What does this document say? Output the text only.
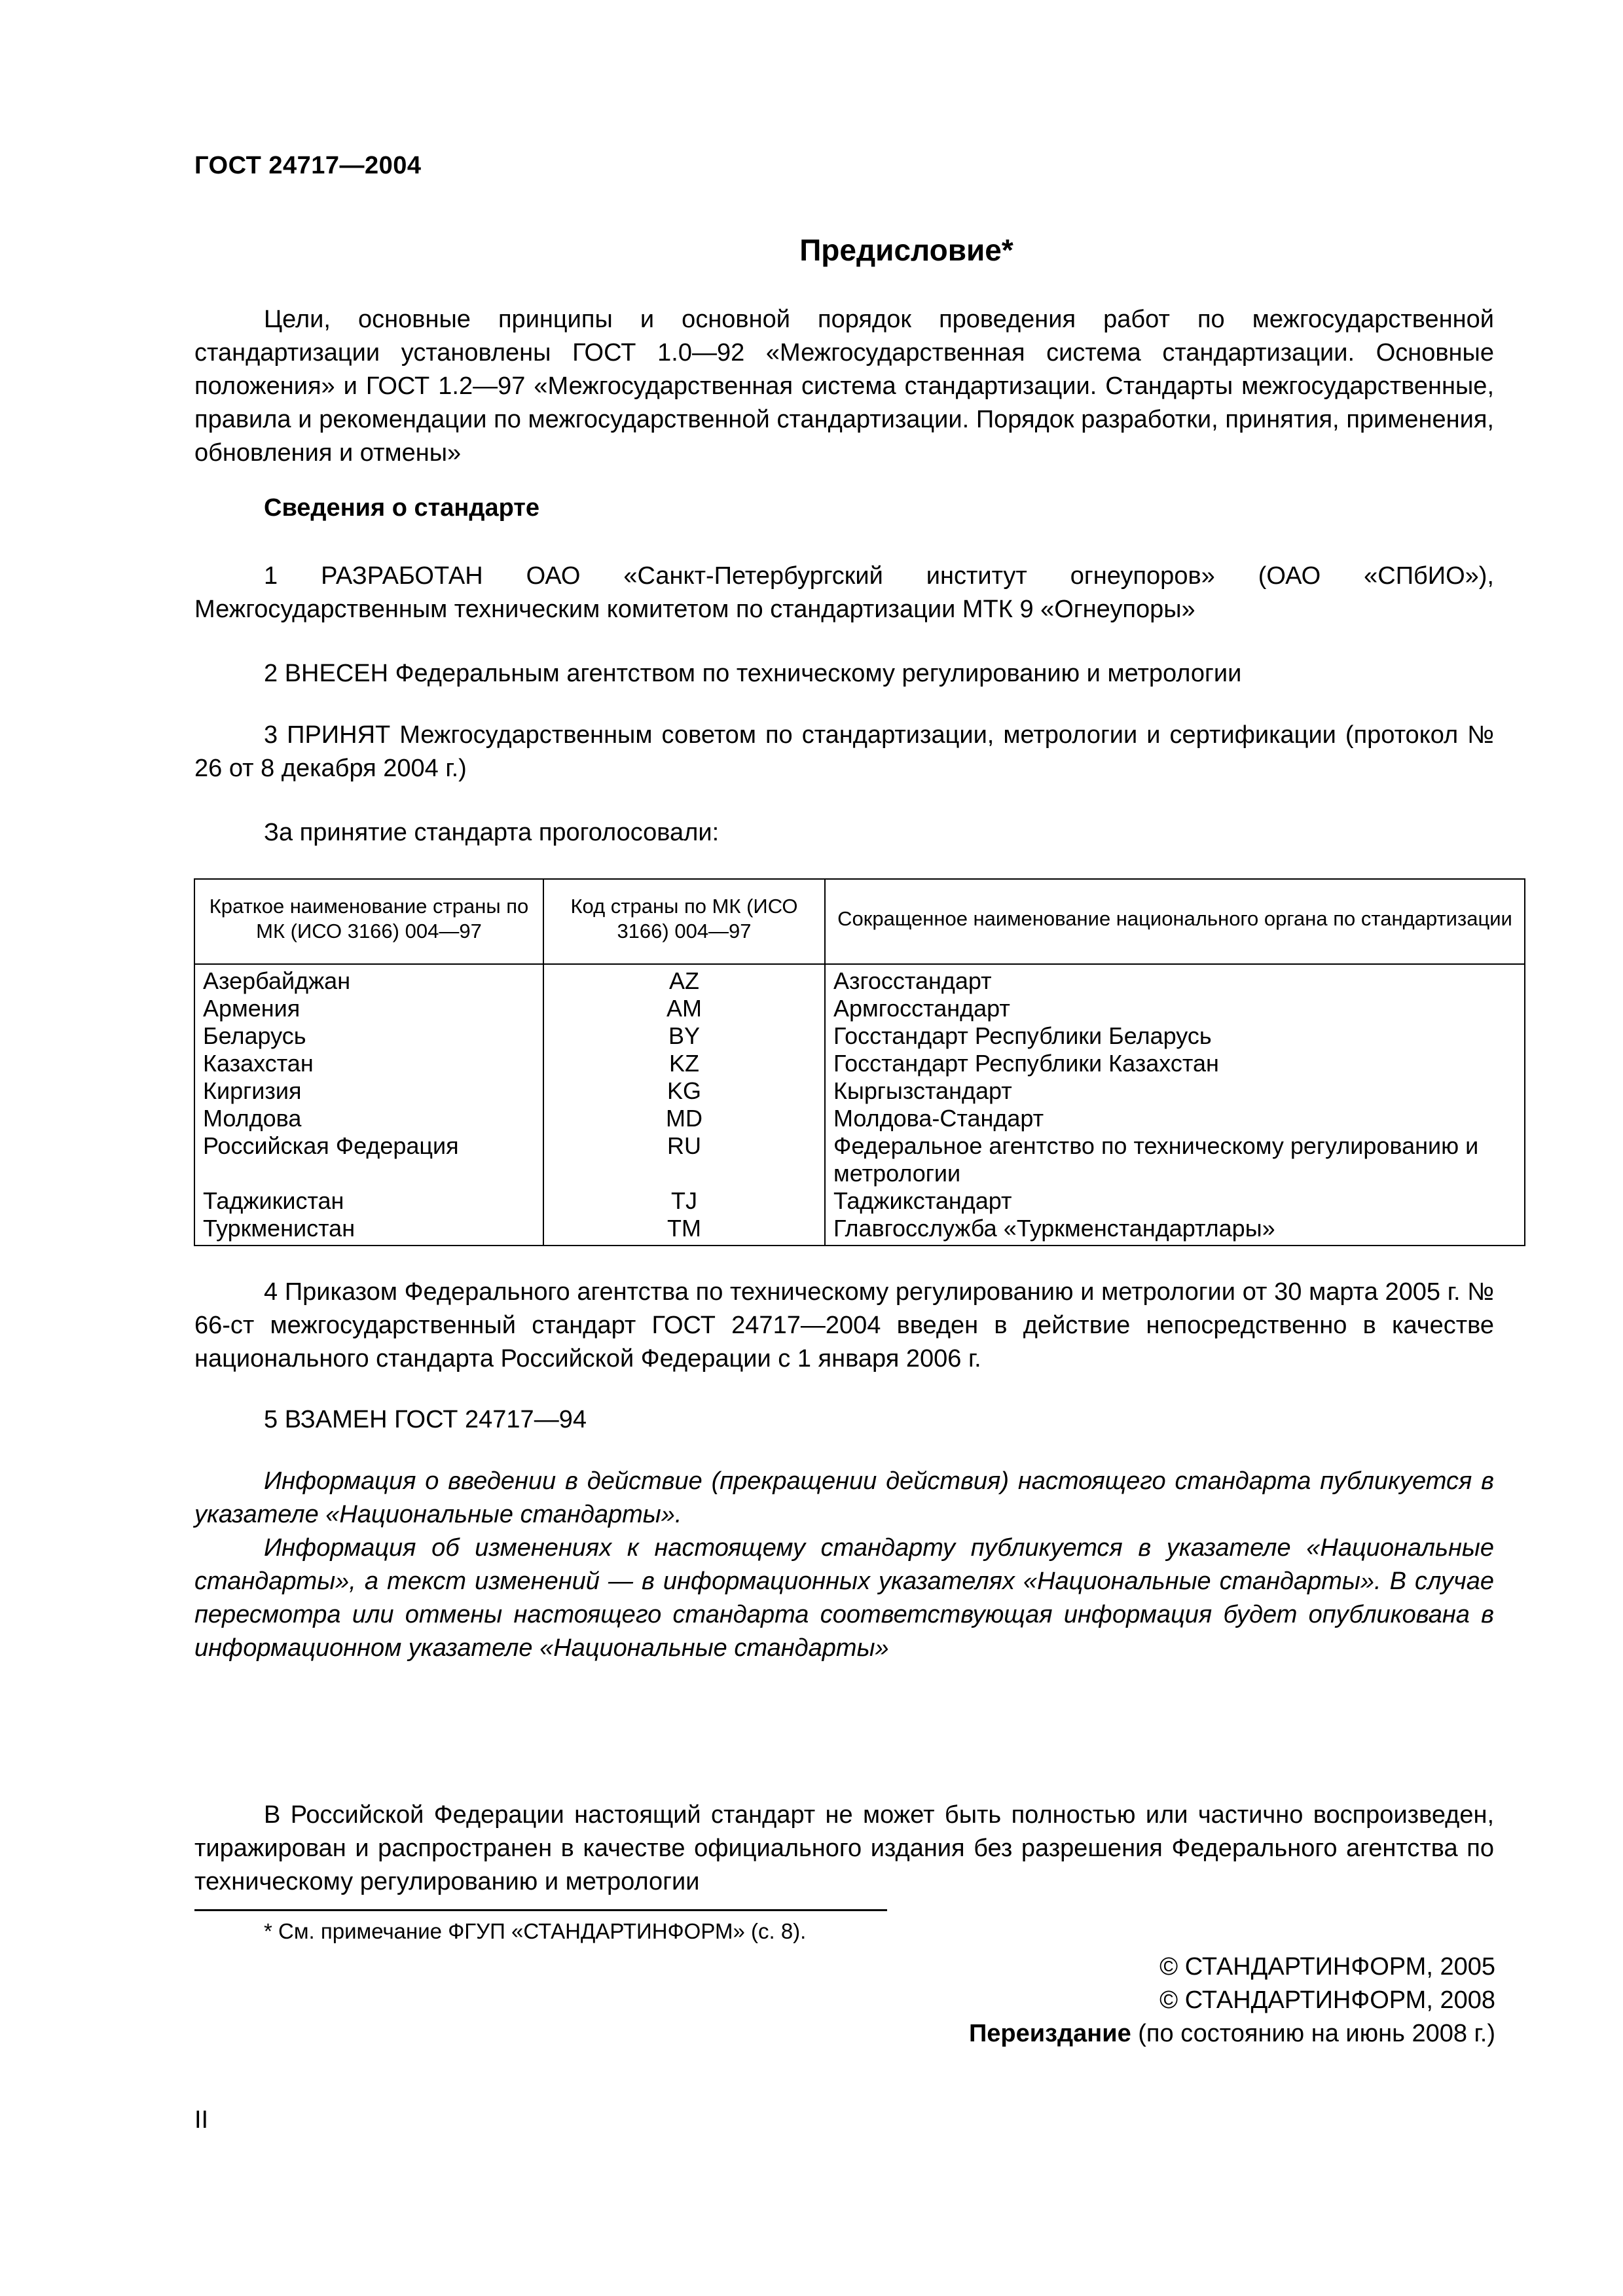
ГОСТ 24717—2004
Предисловие*
Цели, основные принципы и основной порядок проведения работ по межгосударственной стандартизации установлены ГОСТ 1.0—92 «Межгосударственная система стандартизации. Основные положения» и ГОСТ 1.2—97 «Межгосударственная система стандартизации. Стандарты межгосударственные, правила и рекомендации по межгосударственной стандартизации. Порядок разработки, принятия, применения, обновления и отмены»
Сведения о стандарте
1 РАЗРАБОТАН ОАО «Санкт-Петербургский институт огнеупоров» (ОАО «СПбИО»), Межгосударственным техническим комитетом по стандартизации МТК 9 «Огнеупоры»
2 ВНЕСЕН Федеральным агентством по техническому регулированию и метрологии
3 ПРИНЯТ Межгосударственным советом по стандартизации, метрологии и сертификации (протокол № 26 от 8 декабря 2004 г.)
За принятие стандарта проголосовали:
Краткое наименование страны по МК (ИСО 3166) 004—97	Код страны по МК (ИСО 3166) 004—97	Сокращенное наименование национального органа по стандартизации
Азербайджан	AZ	Азгосстандарт
Армения	AM	Армгосстандарт
Беларусь	BY	Госстандарт Республики Беларусь
Казахстан	KZ	Госстандарт Республики Казахстан
Киргизия	KG	Кыргызстандарт
Молдова	MD	Молдова-Стандарт
Российская Федерация	RU	Федеральное агентство по техническому регулированию и метрологии
Таджикистан	TJ	Таджикстандарт
Туркменистан	TM	Главгосслужба «Туркменстандартлары»
4 Приказом Федерального агентства по техническому регулированию и метрологии от 30 марта 2005 г. № 66-ст межгосударственный стандарт ГОСТ 24717—2004 введен в действие непосредственно в качестве национального стандарта Российской Федерации с 1 января 2006 г.
5 ВЗАМЕН ГОСТ 24717—94
Информация о введении в действие (прекращении действия) настоящего стандарта публикуется в указателе «Национальные стандарты».
Информация об изменениях к настоящему стандарту публикуется в указателе «Национальные стандарты», а текст изменений — в информационных указателях «Национальные стандарты». В случае пересмотра или отмены настоящего стандарта соответствующая информация будет опубликована в информационном указателе «Национальные стандарты»
В Российской Федерации настоящий стандарт не может быть полностью или частично воспроизведен, тиражирован и распространен в качестве официального издания без разрешения Федерального агентства по техническому регулированию и метрологии
* См. примечание ФГУП «СТАНДАРТИНФОРМ» (с. 8).
© СТАНДАРТИНФОРМ, 2005
© СТАНДАРТИНФОРМ, 2008
Переиздание (по состоянию на июнь 2008 г.)
II
